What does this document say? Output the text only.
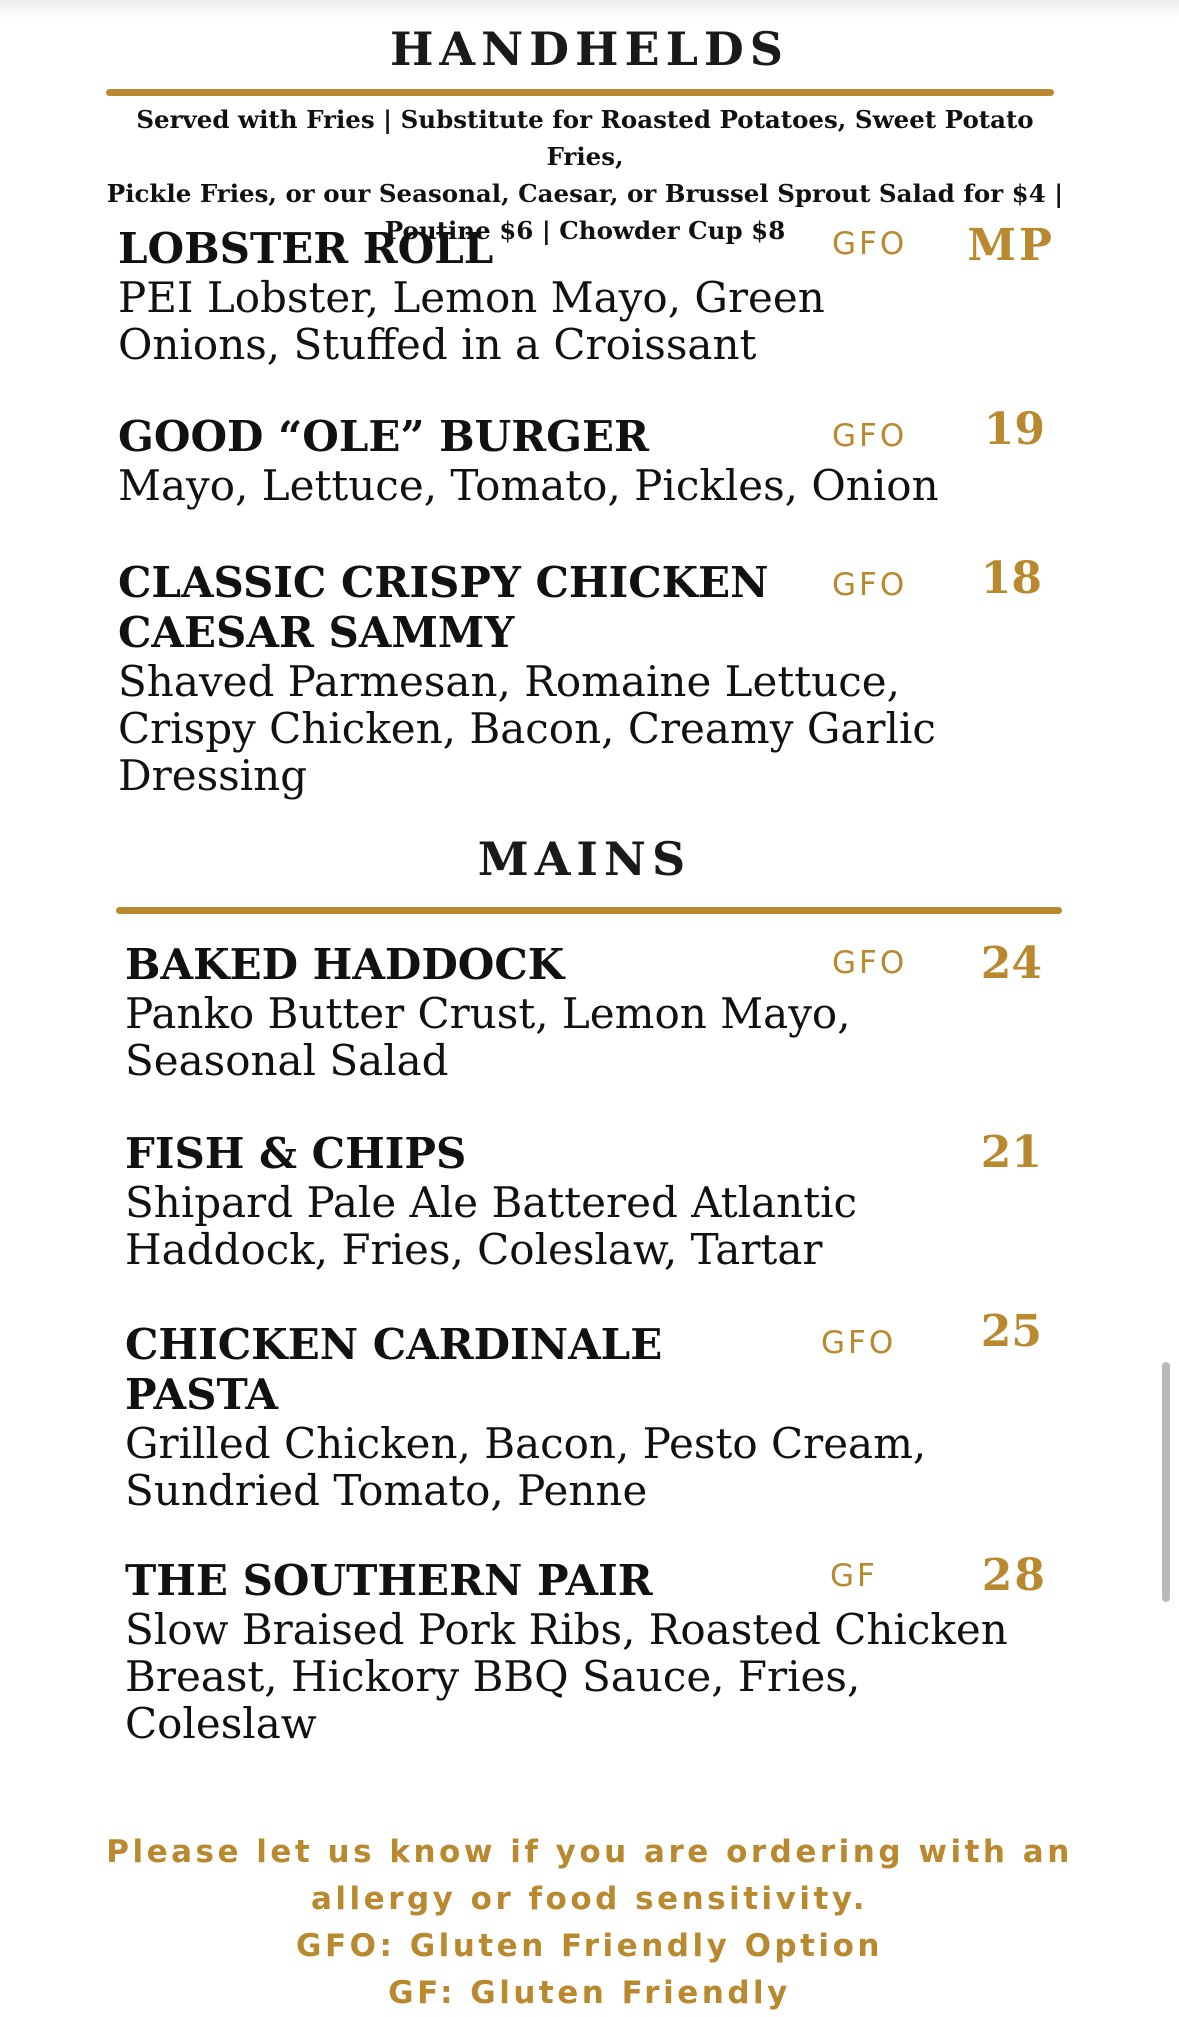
HANDHELDS
Served with Fries | Substitute for Roasted Potatoes, Sweet Potato Fries,
Pickle Fries, or our Seasonal, Caesar, or Brussel Sprout Salad for $4 |
Poutine $6 | Chowder Cup $8
LOBSTER ROLL
PEI Lobster, Lemon Mayo, Green
Onions, Stuffed in a Croissant
GFO	MP
GOOD “OLE” BURGER
Mayo, Lettuce, Tomato, Pickles, Onion
GFO	19
CLASSIC CRISPY CHICKEN
CAESAR SAMMY
Shaved Parmesan, Romaine Lettuce,
Crispy Chicken, Bacon, Creamy Garlic
Dressing
GFO	18
MAINS
BAKED HADDOCK
Panko Butter Crust, Lemon Mayo,
Seasonal Salad
GFO	24
FISH & CHIPS
Shipard Pale Ale Battered Atlantic
Haddock, Fries, Coleslaw, Tartar
21
CHICKEN CARDINALE
PASTA
Grilled Chicken, Bacon, Pesto Cream,
Sundried Tomato, Penne
GFO	25
THE SOUTHERN PAIR
Slow Braised Pork Ribs, Roasted Chicken
Breast, Hickory BBQ Sauce, Fries,
Coleslaw
GF	28
Please let us know if you are ordering with an
allergy or food sensitivity.
GFO: Gluten Friendly Option
GF: Gluten Friendly
